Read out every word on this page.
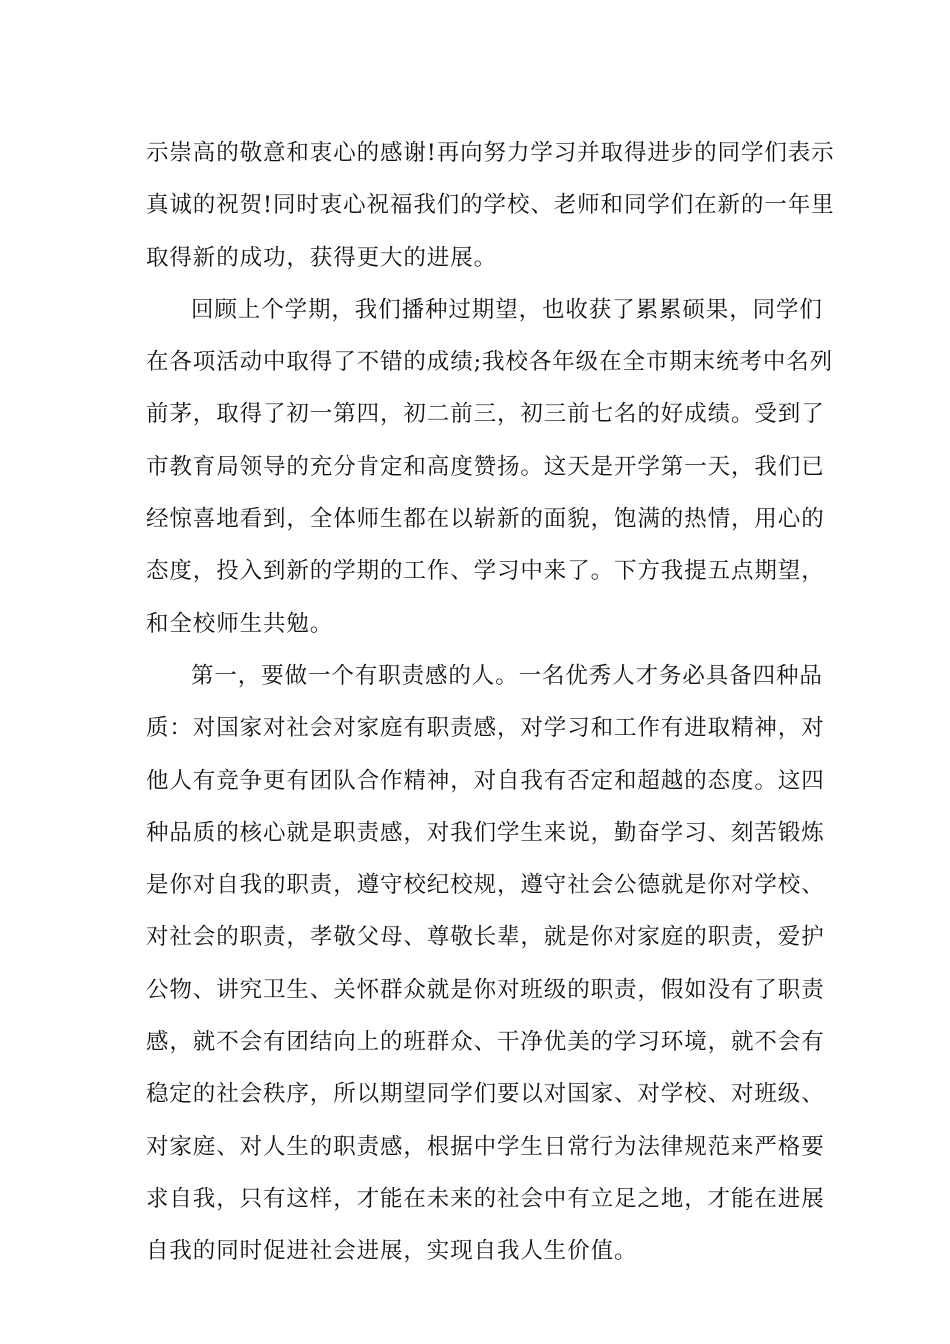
示崇高的敬意和衷心的感谢!再向努力学习并取得进步的同学们表示
真诚的祝贺!同时衷心祝福我们的学校、老师和同学们在新的一年里
取得新的成功，获得更大的进展。
回顾上个学期，我们播种过期望，也收获了累累硕果，同学们
在各项活动中取得了不错的成绩;我校各年级在全市期末统考中名列
前茅，取得了初一第四，初二前三，初三前七名的好成绩。受到了
市教育局领导的充分肯定和高度赞扬。这天是开学第一天，我们已
经惊喜地看到，全体师生都在以崭新的面貌，饱满的热情，用心的
态度，投入到新的学期的工作、学习中来了。下方我提五点期望，
和全校师生共勉。
第一，要做一个有职责感的人。一名优秀人才务必具备四种品
质：对国家对社会对家庭有职责感，对学习和工作有进取精神，对
他人有竞争更有团队合作精神，对自我有否定和超越的态度。这四
种品质的核心就是职责感，对我们学生来说，勤奋学习、刻苦锻炼
是你对自我的职责，遵守校纪校规，遵守社会公德就是你对学校、
对社会的职责，孝敬父母、尊敬长辈，就是你对家庭的职责，爱护
公物、讲究卫生、关怀群众就是你对班级的职责，假如没有了职责
感，就不会有团结向上的班群众、干净优美的学习环境，就不会有
稳定的社会秩序，所以期望同学们要以对国家、对学校、对班级、
对家庭、对人生的职责感，根据中学生日常行为法律规范来严格要
求自我，只有这样，才能在未来的社会中有立足之地，才能在进展
自我的同时促进社会进展，实现自我人生价值。
